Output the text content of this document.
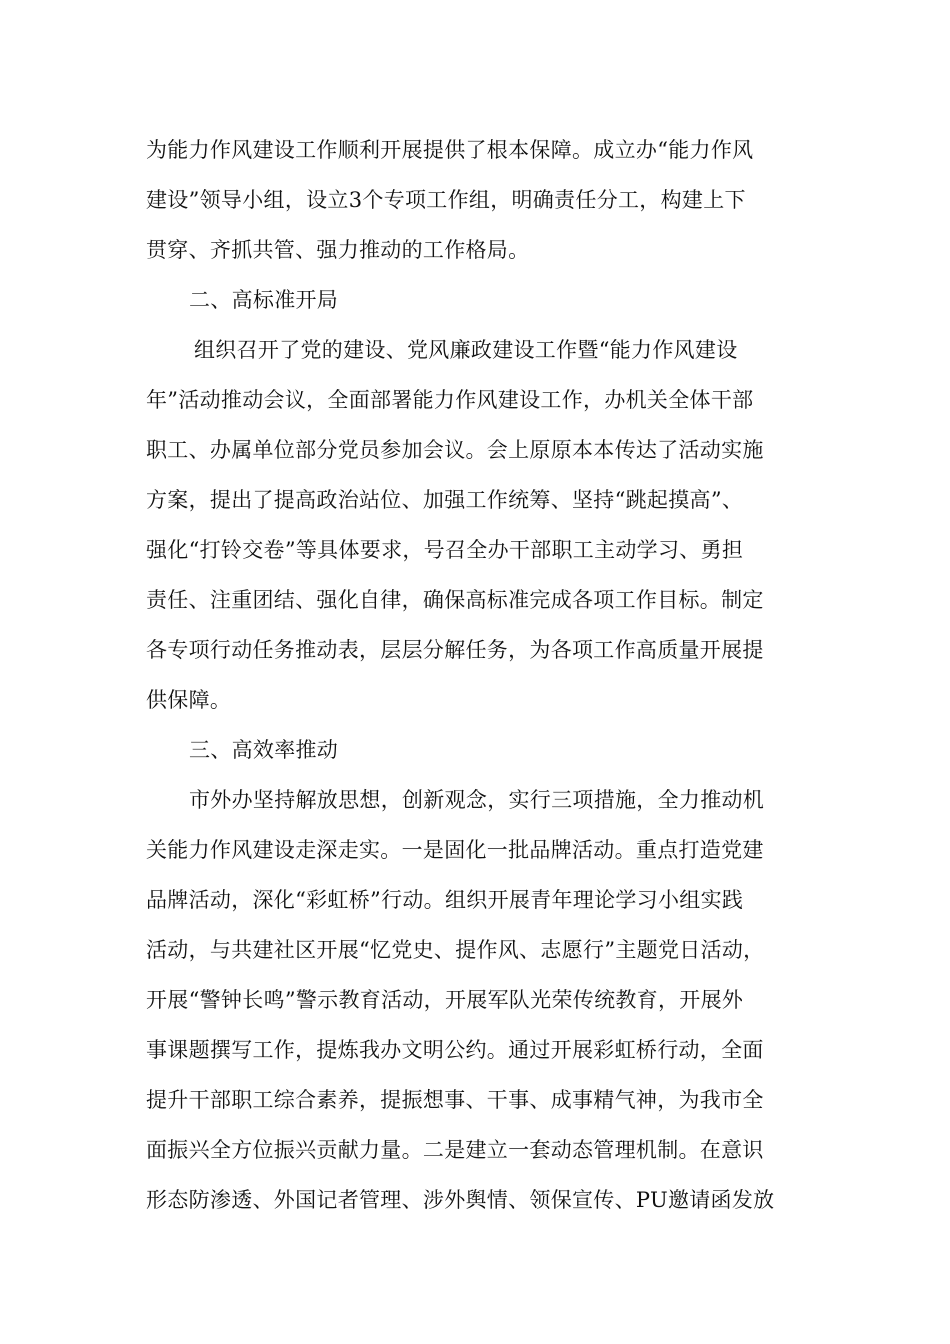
为能力作风建设工作顺利开展提供了根本保障。成立办“能力作风
建设”领导小组，设立3个专项工作组，明确责任分工，构建上下
贯穿、齐抓共管、强力推动的工作格局。
二、高标准开局
组织召开了党的建设、党风廉政建设工作暨“能力作风建设
年”活动推动会议，全面部署能力作风建设工作，办机关全体干部
职工、办属单位部分党员参加会议。会上原原本本传达了活动实施
方案，提出了提高政治站位、加强工作统筹、坚持“跳起摸高”、
强化“打铃交卷”等具体要求，号召全办干部职工主动学习、勇担
责任、注重团结、强化自律，确保高标准完成各项工作目标。制定
各专项行动任务推动表，层层分解任务，为各项工作高质量开展提
供保障。
三、高效率推动
市外办坚持解放思想，创新观念，实行三项措施，全力推动机
关能力作风建设走深走实。一是固化一批品牌活动。重点打造党建
品牌活动，深化“彩虹桥”行动。组织开展青年理论学习小组实践
活动，与共建社区开展“忆党史、提作风、志愿行”主题党日活动，
开展“警钟长鸣”警示教育活动，开展军队光荣传统教育，开展外
事课题撰写工作，提炼我办文明公约。通过开展彩虹桥行动，全面
提升干部职工综合素养，提振想事、干事、成事精气神，为我市全
面振兴全方位振兴贡献力量。二是建立一套动态管理机制。在意识
形态防渗透、外国记者管理、涉外舆情、领保宣传、PU邀请函发放
